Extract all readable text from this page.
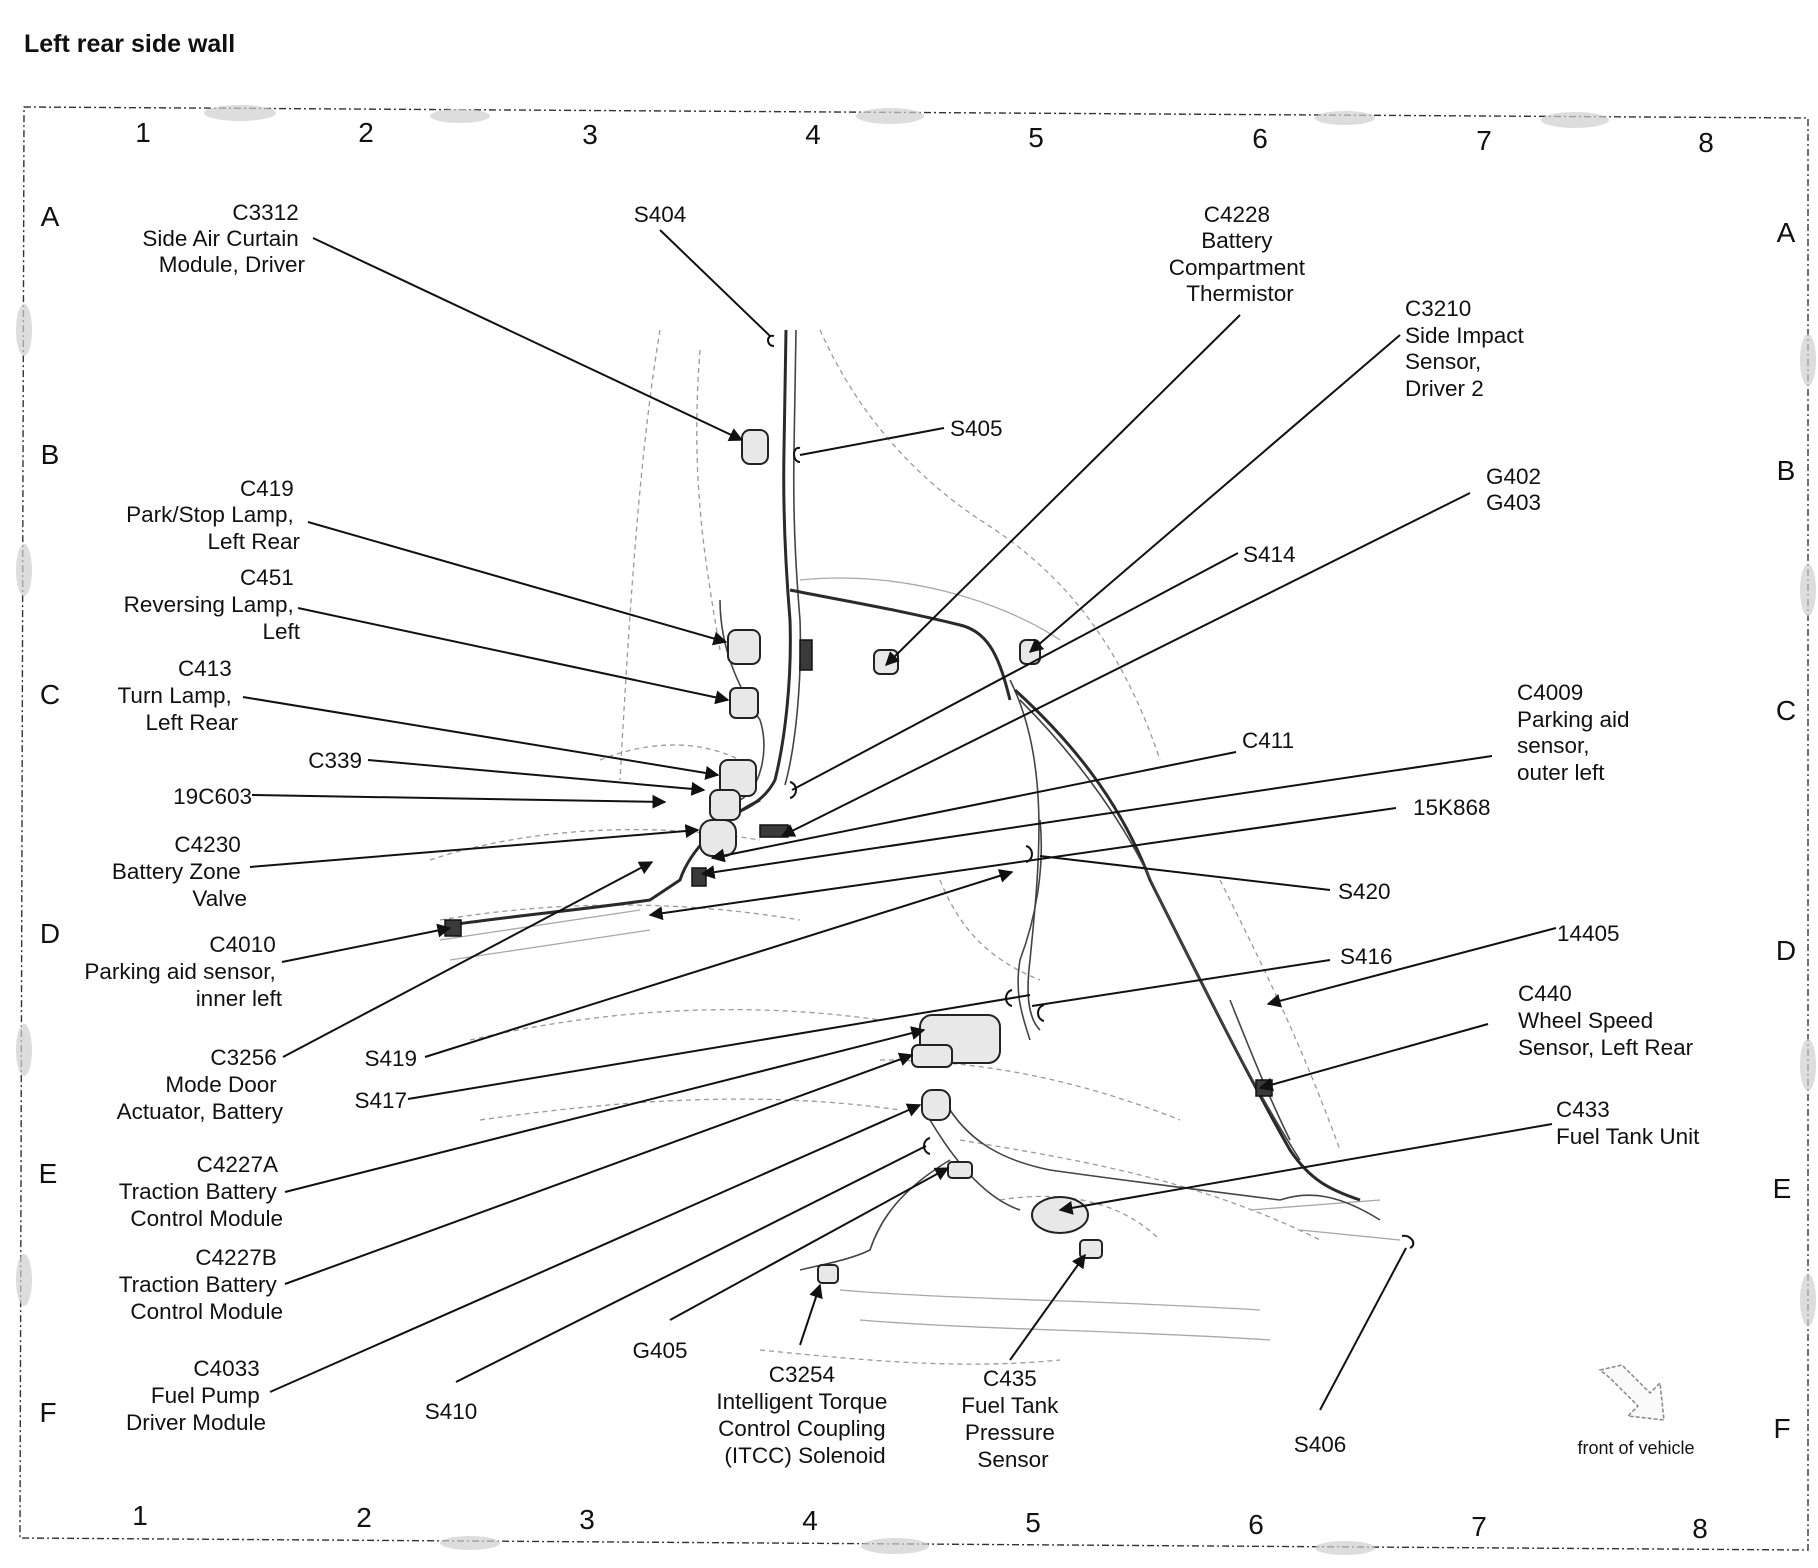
Left rear side wall
1	2	3	4	5	6	7	8
1	2	3	4	5	6	7	8
A
B
C
D
E
F
A
B
C
D
E
F
C3312 Side Air Curtain Module, Driver
S404	C4228 Battery Compartment Thermistor
C3210 Side Impact Sensor, Driver 2
S405
G402 G403
C419 Park/Stop Lamp, Left Rear
S414
C451 Reversing Lamp, Left
C413 Turn Lamp, Left Rear
C4009 Parking aid sensor, outer left
C339
C411
19C603	15K868
C4230 Battery Zone Valve	S420
C4010 Parking aid sensor, inner left
14405
S416
C440 Wheel Speed Sensor, Left Rear
C3256 Mode Door Actuator, Battery
S419
S417	C433 Fuel Tank Unit
C4227A Traction Battery Control Module
C4227B Traction Battery Control Module
C4033 Fuel Pump Driver Module	S410
G405
C3254 Intelligent Torque Control Coupling (ITCC) Solenoid
C435 Fuel Tank Pressure Sensor
S406	front of vehicle
